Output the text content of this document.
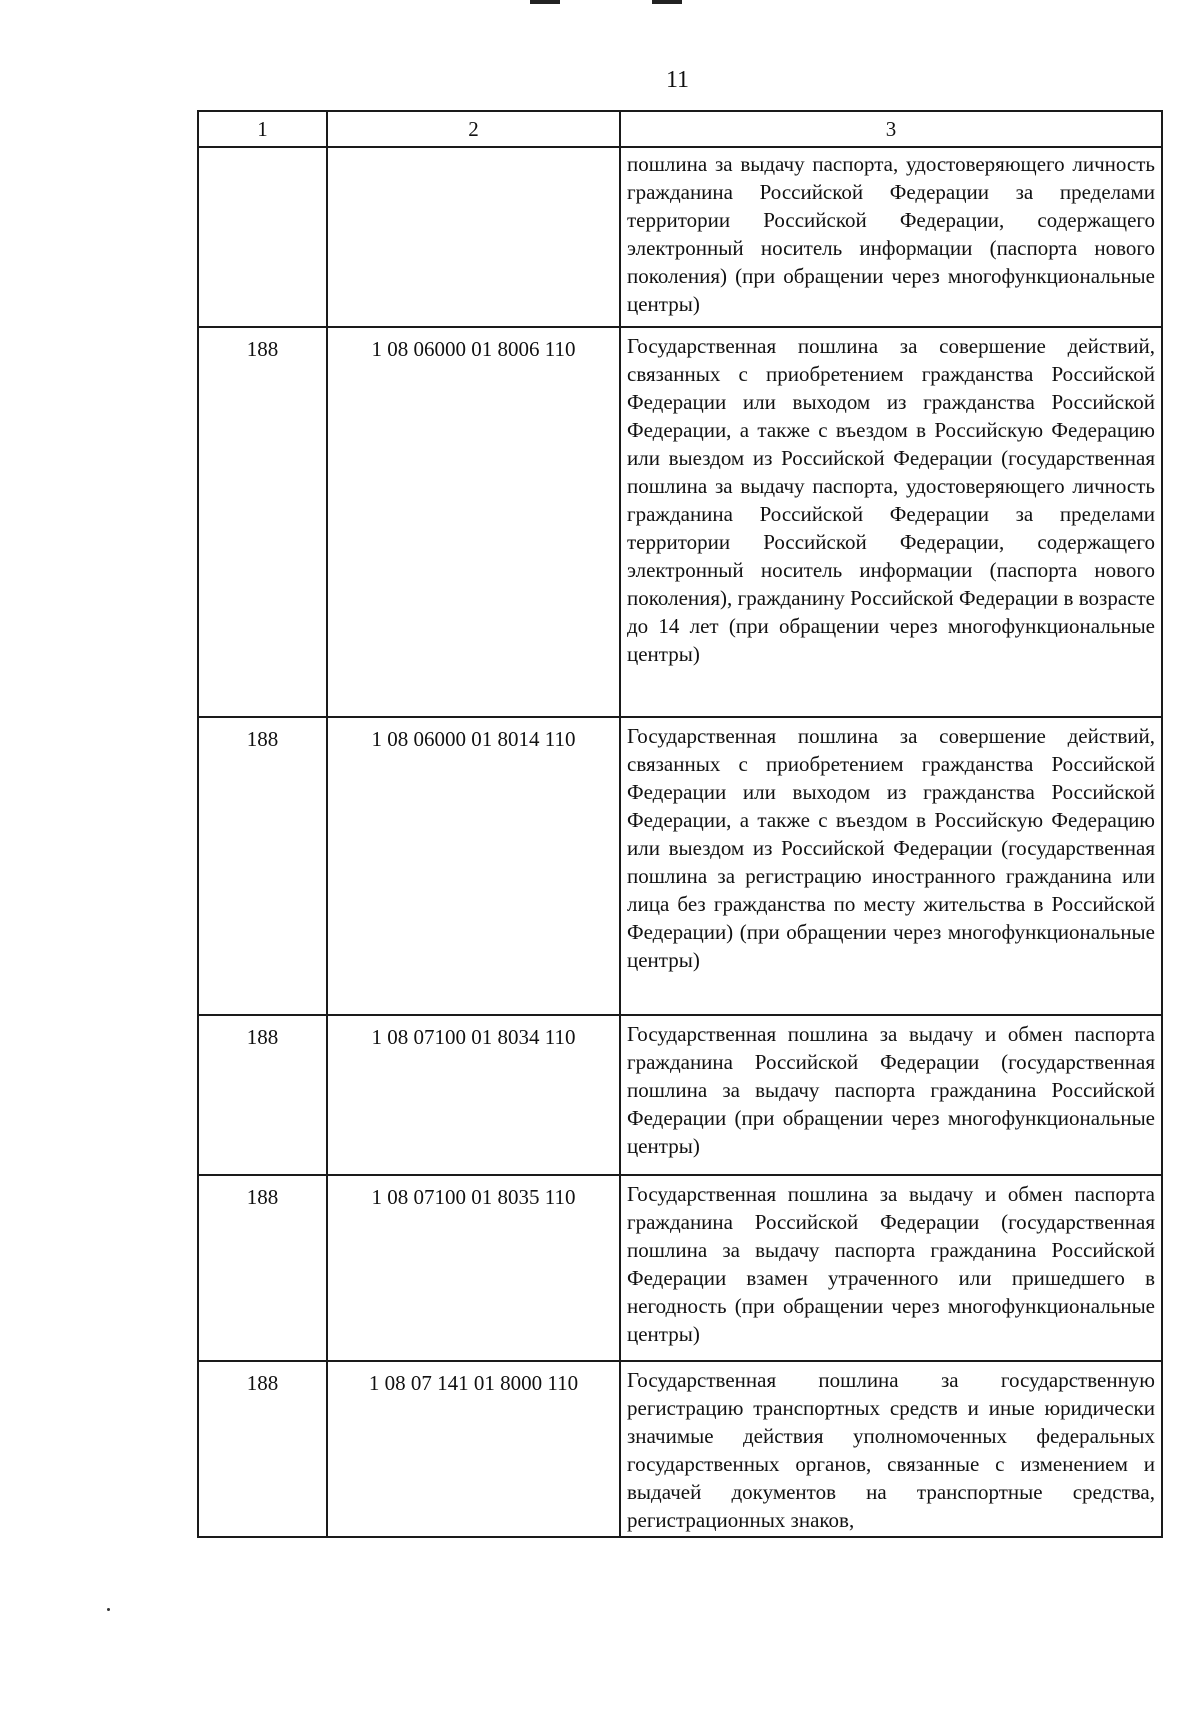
11
1	2	3
		пошлина за выдачу паспорта, удостоверяющего личность гражданина Российской Федерации за пределами территории Российской Федерации, содержащего электронный носитель информации (паспорта нового поколения) (при обращении через многофункциональные центры)
188	1 08 06000 01 8006 110	Государственная пошлина за совершение действий, связанных с приобретением гражданства Российской Федерации или выходом из гражданства Российской Федерации, а также с въездом в Российскую Федерацию или выездом из Российской Федерации (государственная пошлина за выдачу паспорта, удостоверяющего личность гражданина Российской Федерации за пределами территории Российской Федерации, содержащего электронный носитель информации (паспорта нового поколения), гражданину Российской Федерации в возрасте до 14 лет (при обращении через многофункциональные центры)
188	1 08 06000 01 8014 110	Государственная пошлина за совершение действий, связанных с приобретением гражданства Российской Федерации или выходом из гражданства Российской Федерации, а также с въездом в Российскую Федерацию или выездом из Российской Федерации (государственная пошлина за регистрацию иностранного гражданина или лица без гражданства по месту жительства в Российской Федерации) (при обращении через многофункциональные центры)
188	1 08 07100 01 8034 110	Государственная пошлина за выдачу и обмен паспорта гражданина Российской Федерации (государственная пошлина за выдачу паспорта гражданина Российской Федерации (при обращении через многофункциональные центры)
188	1 08 07100 01 8035 110	Государственная пошлина за выдачу и обмен паспорта гражданина Российской Федерации (государственная пошлина за выдачу паспорта гражданина Российской Федерации взамен утраченного или пришедшего в негодность (при обращении через многофункциональные центры)
188	1 08 07 141 01 8000 110	Государственная пошлина за государственную регистрацию транспортных средств и иные юридически значимые действия уполномоченных федеральных государственных органов, связанные с изменением и выдачей документов на транспортные средства, регистрационных знаков,
